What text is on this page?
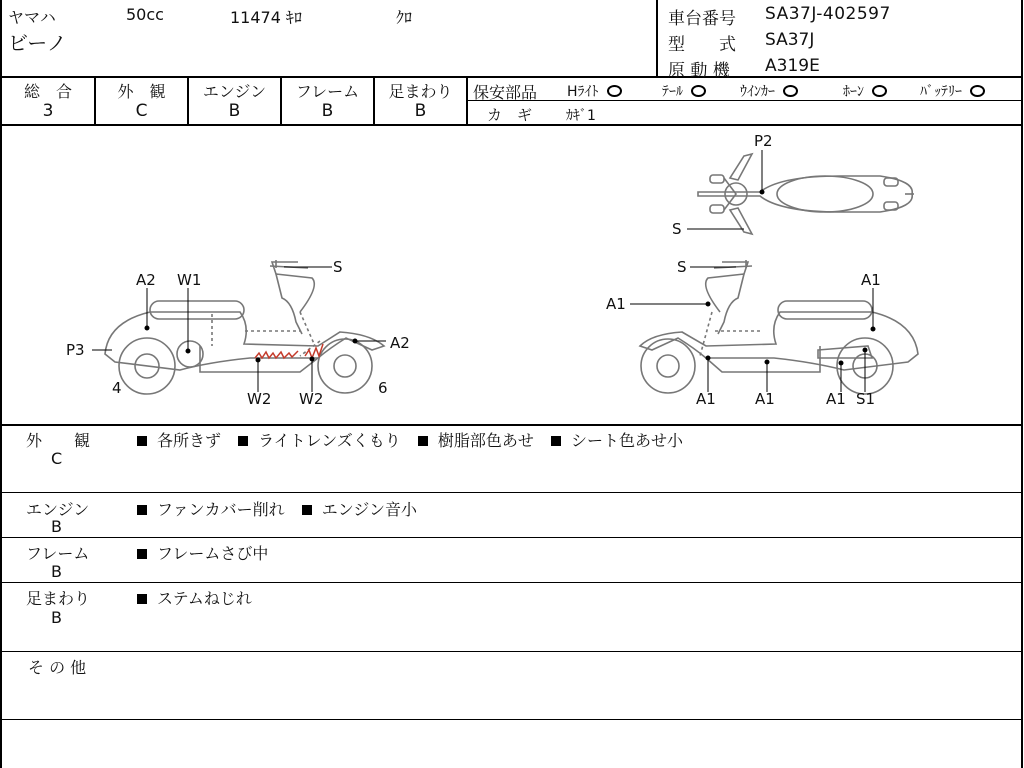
ヤマハ	50cc	11474 ｷﾛ	ｸﾛ
ビーノ
車台番号 SA37J-402597
型　　式 SA37J
原 動 機 A319E
総　合
3
外　観
C
エンジン
B
フレーム
B
足まわり
B
保安部品 Hﾗｲﾄ	ﾃｰﾙ	ｳｲﾝｶｰ	ﾎｰﾝ	ﾊﾞｯﾃﾘｰ
カ　ギ ｶｷﾞ1
A2 W1
S
P3	A2
4
W2 W2
6
P2
S
S
A1
A1
A1	A1	A1 S1
外　　観
C
各所きず ライトレンズくもり 樹脂部色あせ シート色あせ小
エンジン
B
ファンカバー削れ エンジン音小
フレーム
B
フレームさび中
足まわり
B
ステムねじれ
そ の 他
